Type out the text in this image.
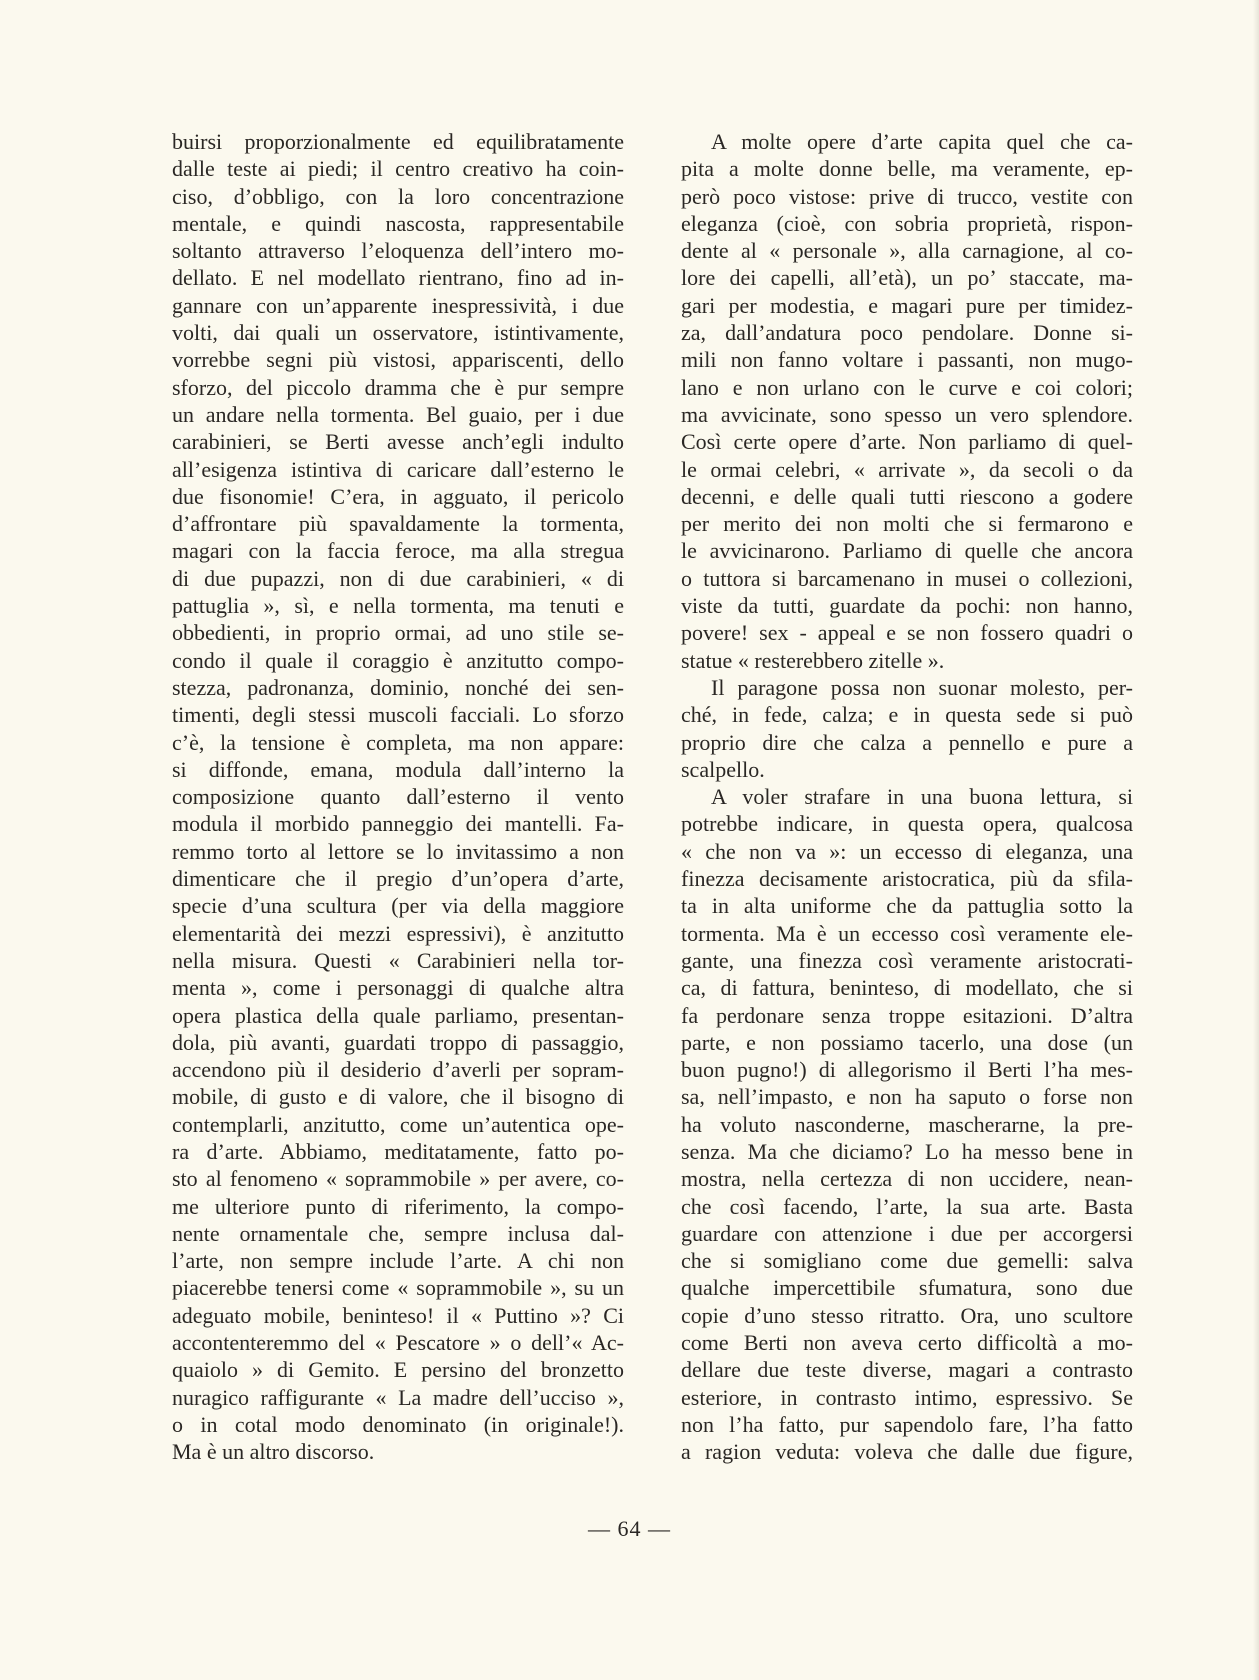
buirsi proporzionalmente ed equilibratamente
dalle teste ai piedi; il centro creativo ha coin-
ciso, d’obbligo, con la loro concentrazione
mentale, e quindi nascosta, rappresentabile
soltanto attraverso l’eloquenza dell’intero mo-
dellato. E nel modellato rientrano, fino ad in-
gannare con un’apparente inespressività, i due
volti, dai quali un osservatore, istintivamente,
vorrebbe segni più vistosi, appariscenti, dello
sforzo, del piccolo dramma che è pur sempre
un andare nella tormenta. Bel guaio, per i due
carabinieri, se Berti avesse anch’egli indulto
all’esigenza istintiva di caricare dall’esterno le
due fisonomie! C’era, in agguato, il pericolo
d’affrontare più spavaldamente la tormenta,
magari con la faccia feroce, ma alla stregua
di due pupazzi, non di due carabinieri, « di
pattuglia », sì, e nella tormenta, ma tenuti e
obbedienti, in proprio ormai, ad uno stile se-
condo il quale il coraggio è anzitutto compo-
stezza, padronanza, dominio, nonché dei sen-
timenti, degli stessi muscoli facciali. Lo sforzo
c’è, la tensione è completa, ma non appare:
si diffonde, emana, modula dall’interno la
composizione quanto dall’esterno il vento
modula il morbido panneggio dei mantelli. Fa-
remmo torto al lettore se lo invitassimo a non
dimenticare che il pregio d’un’opera d’arte,
specie d’una scultura (per via della maggiore
elementarità dei mezzi espressivi), è anzitutto
nella misura. Questi « Carabinieri nella tor-
menta », come i personaggi di qualche altra
opera plastica della quale parliamo, presentan-
dola, più avanti, guardati troppo di passaggio,
accendono più il desiderio d’averli per sopram-
mobile, di gusto e di valore, che il bisogno di
contemplarli, anzitutto, come un’autentica ope-
ra d’arte. Abbiamo, meditatamente, fatto po-
sto al fenomeno « soprammobile » per avere, co-
me ulteriore punto di riferimento, la compo-
nente ornamentale che, sempre inclusa dal-
l’arte, non sempre include l’arte. A chi non
piacerebbe tenersi come « soprammobile », su un
adeguato mobile, beninteso! il « Puttino »? Ci
accontenteremmo del « Pescatore » o dell’« Ac-
quaiolo » di Gemito. E persino del bronzetto
nuragico raffigurante « La madre dell’ucciso »,
o in cotal modo denominato (in originale!).
Ma è un altro discorso.
A molte opere d’arte capita quel che ca-
pita a molte donne belle, ma veramente, ep-
però poco vistose: prive di trucco, vestite con
eleganza (cioè, con sobria proprietà, rispon-
dente al « personale », alla carnagione, al co-
lore dei capelli, all’età), un po’ staccate, ma-
gari per modestia, e magari pure per timidez-
za, dall’andatura poco pendolare. Donne si-
mili non fanno voltare i passanti, non mugo-
lano e non urlano con le curve e coi colori;
ma avvicinate, sono spesso un vero splendore.
Così certe opere d’arte. Non parliamo di quel-
le ormai celebri, « arrivate », da secoli o da
decenni, e delle quali tutti riescono a godere
per merito dei non molti che si fermarono e
le avvicinarono. Parliamo di quelle che ancora
o tuttora si barcamenano in musei o collezioni,
viste da tutti, guardate da pochi: non hanno,
povere! sex - appeal e se non fossero quadri o
statue « resterebbero zitelle ».
Il paragone possa non suonar molesto, per-
ché, in fede, calza; e in questa sede si può
proprio dire che calza a pennello e pure a
scalpello.
A voler strafare in una buona lettura, si
potrebbe indicare, in questa opera, qualcosa
« che non va »: un eccesso di eleganza, una
finezza decisamente aristocratica, più da sfila-
ta in alta uniforme che da pattuglia sotto la
tormenta. Ma è un eccesso così veramente ele-
gante, una finezza così veramente aristocrati-
ca, di fattura, beninteso, di modellato, che si
fa perdonare senza troppe esitazioni. D’altra
parte, e non possiamo tacerlo, una dose (un
buon pugno!) di allegorismo il Berti l’ha mes-
sa, nell’impasto, e non ha saputo o forse non
ha voluto nasconderne, mascherarne, la pre-
senza. Ma che diciamo? Lo ha messo bene in
mostra, nella certezza di non uccidere, nean-
che così facendo, l’arte, la sua arte. Basta
guardare con attenzione i due per accorgersi
che si somigliano come due gemelli: salva
qualche impercettibile sfumatura, sono due
copie d’uno stesso ritratto. Ora, uno scultore
come Berti non aveva certo difficoltà a mo-
dellare due teste diverse, magari a contrasto
esteriore, in contrasto intimo, espressivo. Se
non l’ha fatto, pur sapendolo fare, l’ha fatto
a ragion veduta: voleva che dalle due figure,
— 64 —
